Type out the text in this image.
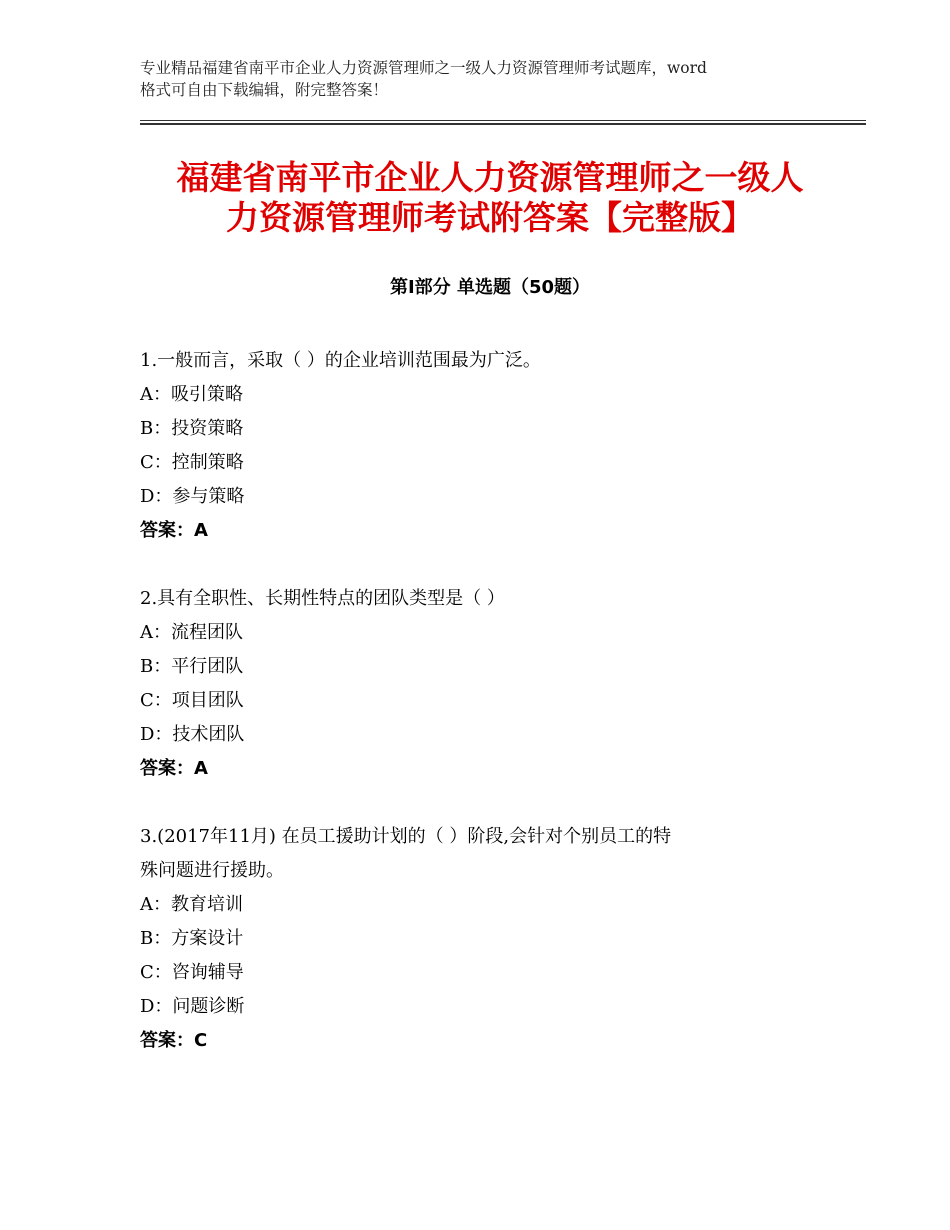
专业精品福建省南平市企业人力资源管理师之一级人力资源管理师考试题库，word
格式可自由下载编辑，附完整答案！
福建省南平市企业人力资源管理师之一级人
力资源管理师考试附答案【完整版】
第Ⅰ部分 单选题（50题）
1.一般而言，采取（ ）的企业培训范围最为广泛。
A：吸引策略
B：投资策略
C：控制策略
D：参与策略
答案：A
2.具有全职性、长期性特点的团队类型是（ ）
A：流程团队
B：平行团队
C：项目团队
D：技术团队
答案：A
3.(2017年11月) 在员工援助计划的（ ）阶段,会针对个别员工的特
殊问题进行援助。
A：教育培训
B：方案设计
C：咨询辅导
D：问题诊断
答案：C
